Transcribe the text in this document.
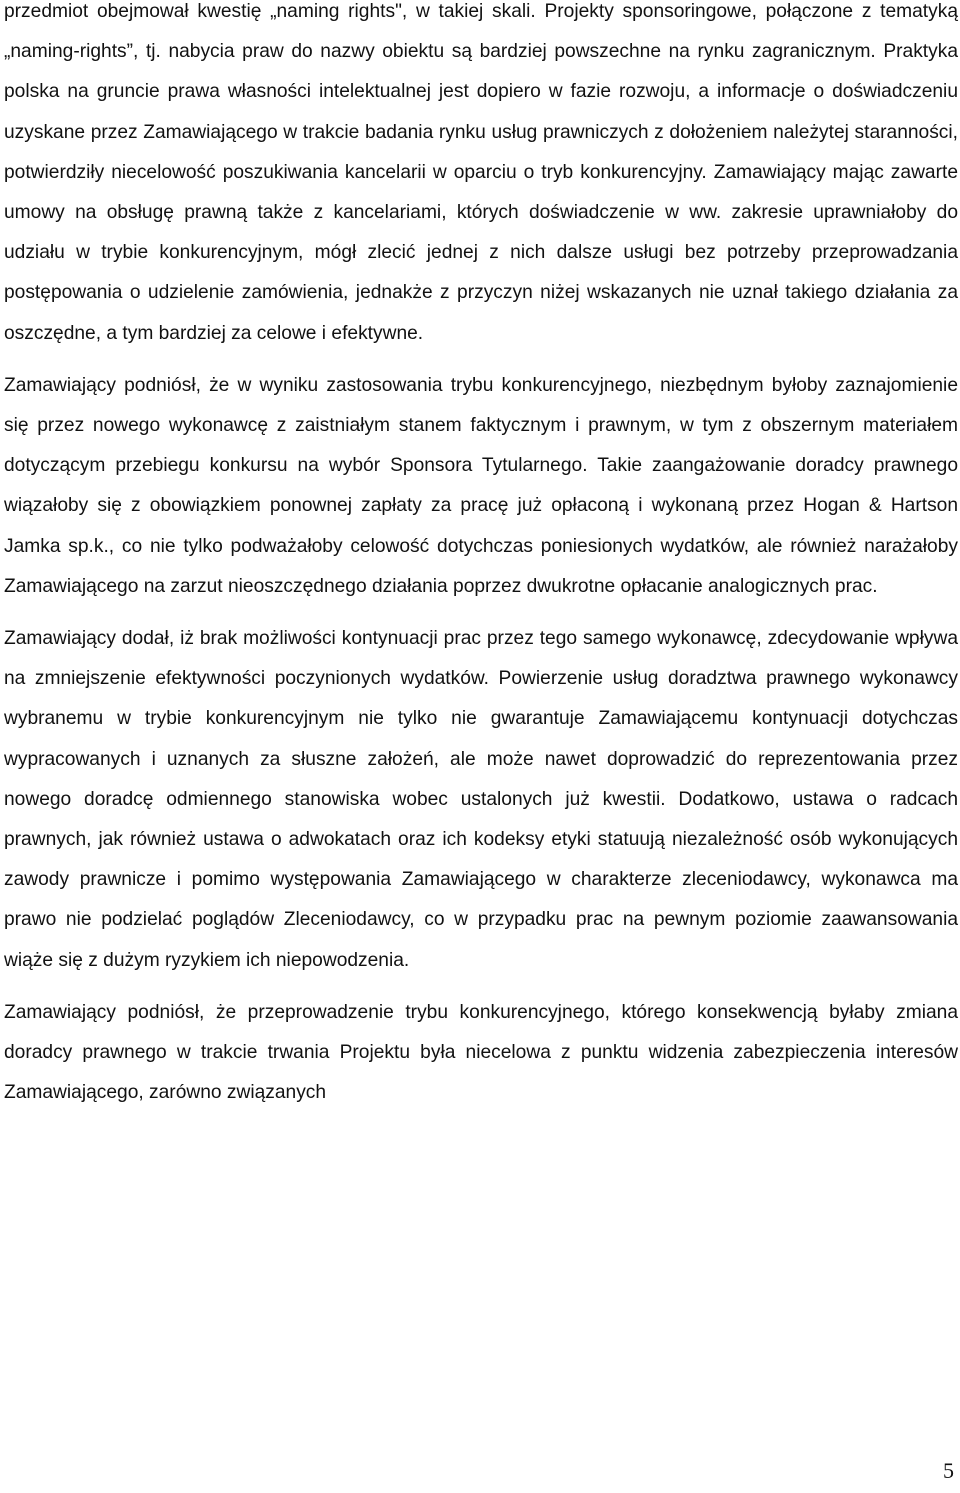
przedmiot obejmował kwestię „naming rights", w takiej skali. Projekty sponsoringowe, połączone z tematyką „naming-rights”, tj. nabycia praw do nazwy obiektu są bardziej powszechne na rynku zagranicznym. Praktyka polska na gruncie prawa własności intelektualnej jest dopiero w fazie rozwoju, a informacje o doświadczeniu uzyskane przez Zamawiającego w trakcie badania rynku usług prawniczych z dołożeniem należytej staranności, potwierdziły niecelowość poszukiwania kancelarii w oparciu o tryb konkurencyjny. Zamawiający mając zawarte umowy na obsługę prawną także z kancelariami, których doświadczenie w ww. zakresie uprawniałoby do udziału w trybie konkurencyjnym, mógł zlecić jednej z nich dalsze usługi bez potrzeby przeprowadzania postępowania o udzielenie zamówienia, jednakże z przyczyn niżej wskazanych nie uznał takiego działania za oszczędne, a tym bardziej za celowe i efektywne.

Zamawiający podniósł, że w wyniku zastosowania trybu konkurencyjnego, niezbędnym byłoby zaznajomienie się przez nowego wykonawcę z zaistniałym stanem faktycznym i prawnym, w tym z obszernym materiałem dotyczącym przebiegu konkursu na wybór Sponsora Tytularnego. Takie zaangażowanie doradcy prawnego wiązałoby się z obowiązkiem ponownej zapłaty za pracę już opłaconą i wykonaną przez Hogan & Hartson Jamka sp.k., co nie tylko podważałoby celowość dotychczas poniesionych wydatków, ale również narażałoby Zamawiającego na zarzut nieoszczędnego działania poprzez dwukrotne opłacanie analogicznych prac.

Zamawiający dodał, iż brak możliwości kontynuacji prac przez tego samego wykonawcę, zdecydowanie wpływa na zmniejszenie efektywności poczynionych wydatków. Powierzenie usług doradztwa prawnego wykonawcy wybranemu w trybie konkurencyjnym nie tylko nie gwarantuje Zamawiającemu kontynuacji dotychczas wypracowanych i uznanych za słuszne założeń, ale może nawet doprowadzić do reprezentowania przez nowego doradcę odmiennego stanowiska wobec ustalonych już kwestii. Dodatkowo, ustawa o radcach prawnych, jak również ustawa o adwokatach oraz ich kodeksy etyki statuują niezależność osób wykonujących zawody prawnicze i pomimo występowania Zamawiającego w charakterze zleceniodawcy, wykonawca ma prawo nie podzielać poglądów Zleceniodawcy, co w przypadku prac na pewnym poziomie zaawansowania wiąże się z dużym ryzykiem ich niepowodzenia.

Zamawiający podniósł, że przeprowadzenie trybu konkurencyjnego, którego konsekwencją byłaby zmiana doradcy prawnego w trakcie trwania Projektu była niecelowa z punktu widzenia zabezpieczenia interesów Zamawiającego, zarówno związanych

5
